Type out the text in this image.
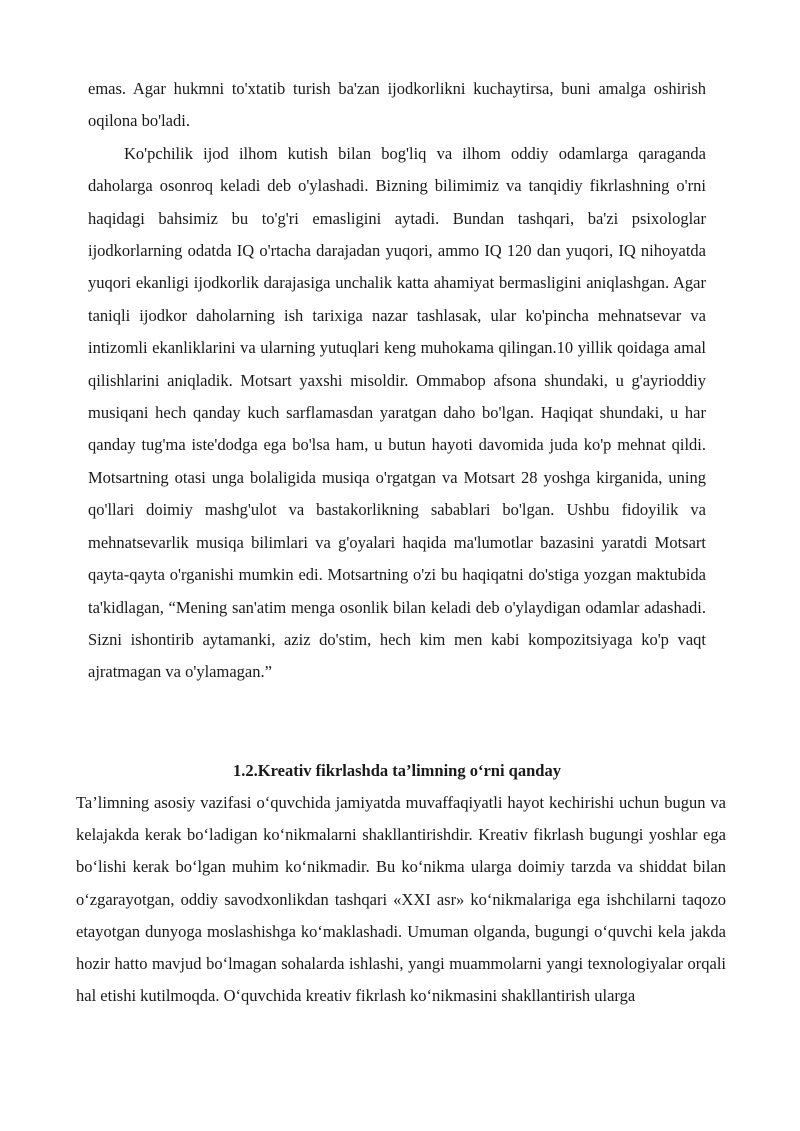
emas. Agar hukmni to'xtatib turish ba'zan ijodkorlikni kuchaytirsa, buni amalga oshirish oqilona bo'ladi.

Ko'pchilik ijod ilhom kutish bilan bog'liq va ilhom oddiy odamlarga qaraganda daholarga osonroq keladi deb o'ylashadi. Bizning bilimimiz va tanqidiy fikrlashning o'rni haqidagi bahsimiz bu to'g'ri emasligini aytadi. Bundan tashqari, ba'zi psixologlar ijodkorlarning odatda IQ o'rtacha darajadan yuqori, ammo IQ 120 dan yuqori, IQ nihoyatda yuqori ekanligi ijodkorlik darajasiga unchalik katta ahamiyat bermasligini aniqlashgan. Agar taniqli ijodkor daholarning ish tarixiga nazar tashlasak, ular ko'pincha mehnatsevar va intizomli ekanliklarini va ularning yutuqlari keng muhokama qilingan.10 yillik qoidaga amal qilishlarini aniqladik. Motsart yaxshi misoldir. Ommabop afsona shundaki, u g'ayrioddiy musiqani hech qanday kuch sarflamasdan yaratgan daho bo'lgan. Haqiqat shundaki, u har qanday tug'ma iste'dodga ega bo'lsa ham, u butun hayoti davomida juda ko'p mehnat qildi. Motsartning otasi unga bolaligida musiqa o'rgatgan va Motsart 28 yoshga kirganida, uning qo'llari doimiy mashg'ulot va bastakorlikning sabablari bo'lgan. Ushbu fidoyilik va mehnatsevarlik musiqa bilimlari va g'oyalari haqida ma'lumotlar bazasini yaratdi Motsart qayta-qayta o'rganishi mumkin edi. Motsartning o'zi bu haqiqatni do'stiga yozgan maktubida ta'kidlagan, “Mening san'atim menga osonlik bilan keladi deb o'ylaydigan odamlar adashadi. Sizni ishontirib aytamanki, aziz do'stim, hech kim men kabi kompozitsiyaga ko'p vaqt ajratmagan va o'ylamagan.”

1.2.Kreativ fikrlashda ta’limning o‘rni qanday

Ta’limning asosiy vazifasi o‘quvchida jamiyatda muvaffaqiyatli hayot kechirishi uchun bugun va kelajakda kerak bo‘ladigan ko‘nikmalarni shakllantirishdir. Kreativ fikrlash bugungi yoshlar ega bo‘lishi kerak bo‘lgan muhim ko‘nikmadir. Bu ko‘nikma ularga doimiy tarzda va shiddat bilan o‘zgarayotgan, oddiy savodxonlikdan tashqari «XXI asr» ko‘nikmalariga ega ishchilarni taqozo etayotgan dunyoga moslashishga ko‘maklashadi. Umuman olganda, bugungi o‘quvchi kela jakda hozir hatto mavjud bo‘lmagan sohalarda ishlashi, yangi muammolarni yangi texnologiyalar orqali hal etishi kutilmoqda. O‘quvchida kreativ fikrlash ko‘nikmasini shakllantirish ularga
